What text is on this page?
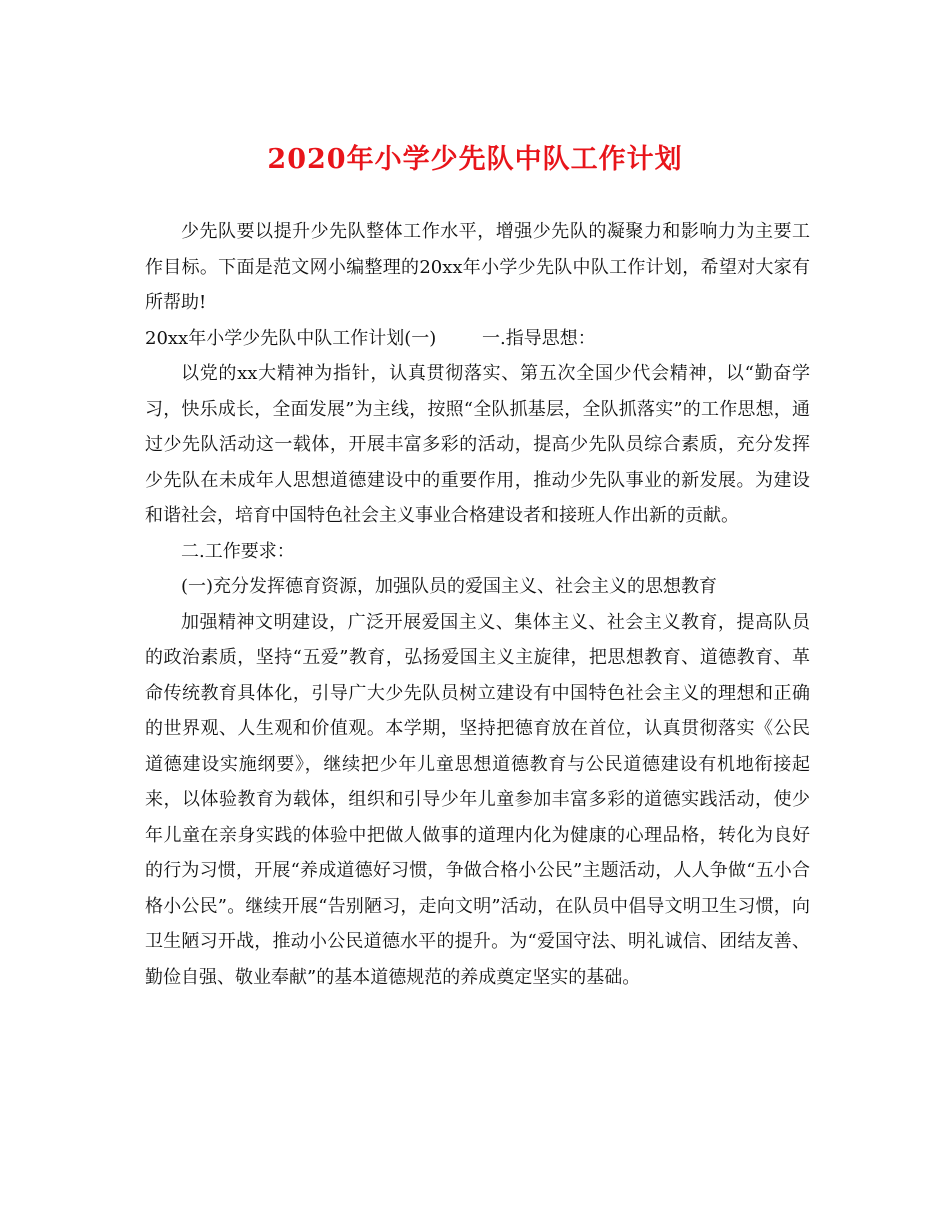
2020年小学少先队中队工作计划

少先队要以提升少先队整体工作水平，增强少先队的凝聚力和影响力为主要工作目标。下面是范文网小编整理的20xx年小学少先队中队工作计划，希望对大家有所帮助!

20xx年小学少先队中队工作计划(一)        一.指导思想：

以党的xx大精神为指针，认真贯彻落实、第五次全国少代会精神，以“勤奋学习，快乐成长，全面发展”为主线，按照“全队抓基层，全队抓落实”的工作思想，通过少先队活动这一载体，开展丰富多彩的活动，提高少先队员综合素质，充分发挥少先队在未成年人思想道德建设中的重要作用，推动少先队事业的新发展。为建设和谐社会，培育中国特色社会主义事业合格建设者和接班人作出新的贡献。

二.工作要求：

(一)充分发挥德育资源，加强队员的爱国主义、社会主义的思想教育

加强精神文明建设，广泛开展爱国主义、集体主义、社会主义教育，提高队员的政治素质，坚持“五爱”教育，弘扬爱国主义主旋律，把思想教育、道德教育、革命传统教育具体化，引导广大少先队员树立建设有中国特色社会主义的理想和正确的世界观、人生观和价值观。本学期，坚持把德育放在首位，认真贯彻落实《公民道德建设实施纲要》，继续把少年儿童思想道德教育与公民道德建设有机地衔接起来，以体验教育为载体，组织和引导少年儿童参加丰富多彩的道德实践活动，使少年儿童在亲身实践的体验中把做人做事的道理内化为健康的心理品格，转化为良好的行为习惯，开展“养成道德好习惯，争做合格小公民”主题活动，人人争做“五小合格小公民”。继续开展“告别陋习，走向文明”活动，在队员中倡导文明卫生习惯，向卫生陋习开战，推动小公民道德水平的提升。为“爱国守法、明礼诚信、团结友善、勤俭自强、敬业奉献”的基本道德规范的养成奠定坚实的基础。
